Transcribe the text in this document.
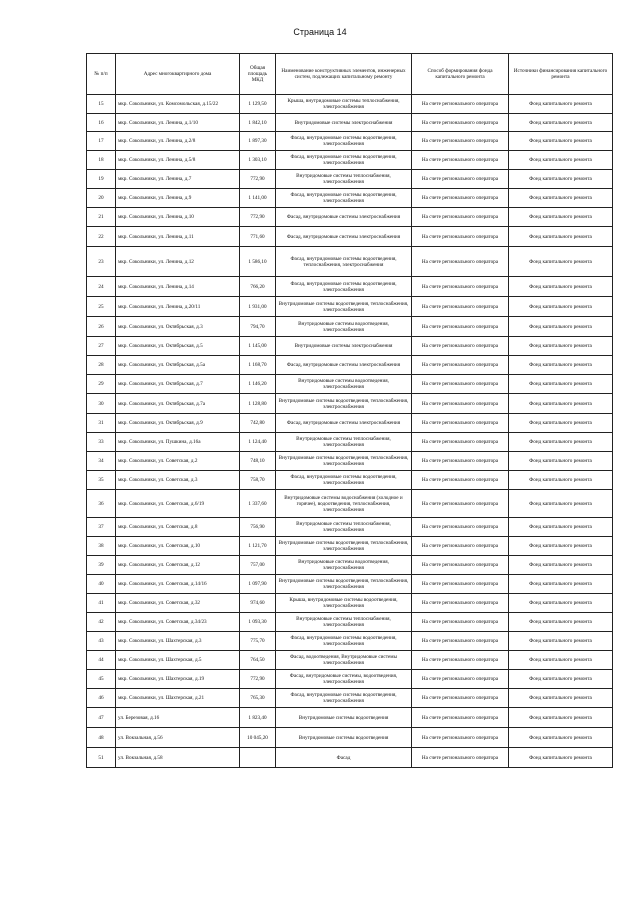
Страница 14
№ п/п	Адрес многоквартирного дома	Общая площадь МКД	Наименование конструктивных элементов, инженерных систем, подлежащих капитальному ремонту	Способ формирования фонда капитального ремонта	Источники финансирования капитального ремонта
15	мкр. Сокольники, ул. Комсомольская, д.15/22	1 129,50	Крыша, внутридомовые системы теплоснабжения, электроснабжения	На счете регионального оператора	Фонд капитального ремонта
16	мкр. Сокольники, ул. Ленина, д.1/10	1 842,10	Внутридомовые системы электроснабжения	На счете регионального оператора	Фонд капитального ремонта
17	мкр. Сокольники, ул. Ленина, д.2/8	1 897,30	Фасад, внутридомовые системы водоотведения, электроснабжения	На счете регионального оператора	Фонд капитального ремонта
18	мкр. Сокольники, ул. Ленина, д.5/8	1 303,10	Фасад, внутридомовые системы водоотведения, электроснабжения	На счете регионального оператора	Фонд капитального ремонта
19	мкр. Сокольники, ул. Ленина, д.7	772,90	Внутридомовые системы теплоснабжения, электроснабжения	На счете регионального оператора	Фонд капитального ремонта
20	мкр. Сокольники, ул. Ленина, д.9	1 141,00	Фасад, внутридомовые системы водоотведения, электроснабжения	На счете регионального оператора	Фонд капитального ремонта
21	мкр. Сокольники, ул. Ленина, д.10	772,90	Фасад, внутридомовые системы электроснабжения	На счете регионального оператора	Фонд капитального ремонта
22	мкр. Сокольники, ул. Ленина, д.11	771,60	Фасад, внутридомовые системы электроснабжения	На счете регионального оператора	Фонд капитального ремонта
23	мкр. Сокольники, ул. Ленина, д.12	1 586,10	Фасад, внутридомовые системы водоотведения, теплоснабжения, электроснабжения	На счете регионального оператора	Фонд капитального ремонта
24	мкр. Сокольники, ул. Ленина, д.14	766,20	Фасад, внутридомовые системы водоотведения, электроснабжения	На счете регионального оператора	Фонд капитального ремонта
25	мкр. Сокольники, ул. Ленина, д.20/11	1 931,00	Внутридомовые системы водоотведения, теплоснабжения, электроснабжения	На счете регионального оператора	Фонд капитального ремонта
26	мкр. Сокольники, ул. Октябрьская, д.3	794,70	Внутридомовые системы водоотведения, электроснабжения	На счете регионального оператора	Фонд капитального ремонта
27	мкр. Сокольники, ул. Октябрьская, д.5	1 145,00	Внутридомовые системы электроснабжения	На счете регионального оператора	Фонд капитального ремонта
28	мкр. Сокольники, ул. Октябрьская, д.5а	1 168,70	Фасад, внутридомовые системы электроснабжения	На счете регионального оператора	Фонд капитального ремонта
29	мкр. Сокольники, ул. Октябрьская, д.7	1 146,20	Внутридомовые системы водоотведения, электроснабжения	На счете регионального оператора	Фонд капитального ремонта
30	мкр. Сокольники, ул. Октябрьская, д.7а	1 128,80	Внутридомовые системы водоотведения, теплоснабжения, электроснабжения	На счете регионального оператора	Фонд капитального ремонта
31	мкр. Сокольники, ул. Октябрьская, д.9	742,80	Фасад, внутридомовые системы электроснабжения	На счете регионального оператора	Фонд капитального ремонта
33	мкр. Сокольники, ул. Пушкина, д.16а	1 124,40	Внутридомовые системы теплоснабжения, электроснабжения	На счете регионального оператора	Фонд капитального ремонта
34	мкр. Сокольники, ул. Советская, д.2	748,10	Внутридомовые системы водоотведения, теплоснабжения, электроснабжения	На счете регионального оператора	Фонд капитального ремонта
35	мкр. Сокольники, ул. Советская, д.3	758,70	Фасад, внутридомовые системы водоотведения, электроснабжения	На счете регионального оператора	Фонд капитального ремонта
36	мкр. Сокольники, ул. Советская, д.6/19	1 337,60	Внутридомовые системы водоснабжения (холодное и горячее), водоотведения, теплоснабжения, электроснабжения	На счете регионального оператора	Фонд капитального ремонта
37	мкр. Сокольники, ул. Советская, д.8	756,90	Внутридомовые системы теплоснабжения, электроснабжения	На счете регионального оператора	Фонд капитального ремонта
38	мкр. Сокольники, ул. Советская, д.10	1 121,70	Внутридомовые системы водоотведения, теплоснабжения, электроснабжения	На счете регионального оператора	Фонд капитального ремонта
39	мкр. Сокольники, ул. Советская, д.12	757,00	Внутридомовые системы водоотведения, электроснабжения	На счете регионального оператора	Фонд капитального ремонта
40	мкр. Сокольники, ул. Советская, д.14/16	1 097,90	Внутридомовые системы водоотведения, теплоснабжения, электроснабжения	На счете регионального оператора	Фонд капитального ремонта
41	мкр. Сокольники, ул. Советская, д.32	974,60	Крыша, внутридомовые системы водоотведения, электроснабжения	На счете регионального оператора	Фонд капитального ремонта
42	мкр. Сокольники, ул. Советская, д.34/23	1 093,30	Внутридомовые системы теплоснабжения, электроснабжения	На счете регионального оператора	Фонд капитального ремонта
43	мкр. Сокольники, ул. Шахтерская, д.3	775,70	Фасад, внутридомовые системы водоотведения, электроснабжения	На счете регионального оператора	Фонд капитального ремонта
44	мкр. Сокольники, ул. Шахтерская, д.5	764,50	Фасад, водоотведения, Внутридомовые системы электроснабжения	На счете регионального оператора	Фонд капитального ремонта
45	мкр. Сокольники, ул. Шахтерская, д.19	772,90	Фасад, внутридомовые системы, водоотведения, электроснабжения	На счете регионального оператора	Фонд капитального ремонта
46	мкр. Сокольники, ул. Шахтерская, д.21	765,30	Фасад, внутридомовые системы водоотведения, электроснабжения	На счете регионального оператора	Фонд капитального ремонта
47	ул. Березовая, д.16	1 823,40	Внутридомовые системы водоотведения	На счете регионального оператора	Фонд капитального ремонта
48	ул. Вокзальная, д.56	10 045,20	Внутридомовые системы водоотведения	На счете регионального оператора	Фонд капитального ремонта
51	ул. Вокзальная, д.58		Фасад	На счете регионального оператора	Фонд капитального ремонта
